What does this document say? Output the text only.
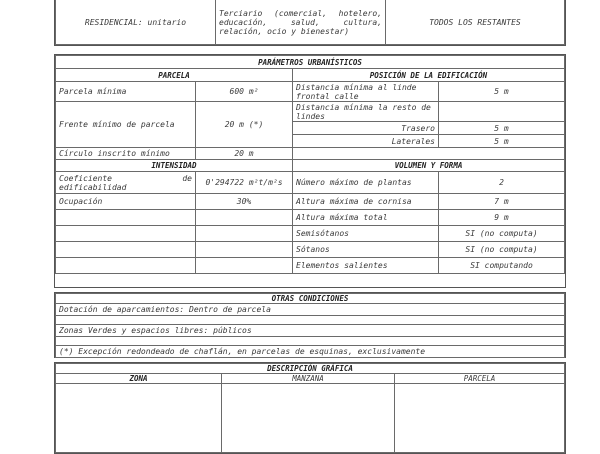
RESIDENCIAL: unitario	Terciario (comercial, hotelero, educación, salud, cultura, relación, ocio y bienestar)	TODOS LOS RESTANTES
PARÁMETROS URBANÍSTICOS			
PARCELA		POSICIÓN DE LA EDIFICACIÓN	
Parcela mínima	600 m²	Distancia mínima al linde frontal calle	5 m
Frente mínimo de parcela	20 m (*)	Distancia mínima la resto de lindes	
		Trasero	5 m
		Laterales	5 m
Círculo inscrito mínimo	20 m		
INTENSIDAD		VOLUMEN Y FORMA	
Coeficiente de edificabilidad	0'294722 m²t/m²s	Número máximo de plantas	2
Ocupación	30%	Altura máxima de cornisa	7 m
		Altura máxima total	9 m
		Semisótanos	SI (no computa)
		Sótanos	SI (no computa)
		Elementos salientes	SI computando
OTRAS CONDICIONES
Dotación de aparcamientos: Dentro de parcela

Zonas Verdes y espacios libres: públicos

(*) Excepción redondeado de chaflán, en parcelas de esquinas, exclusivamente
DESCRIPCIÓN GRÁFICA		
ZONA	MANZANA	PARCELA
